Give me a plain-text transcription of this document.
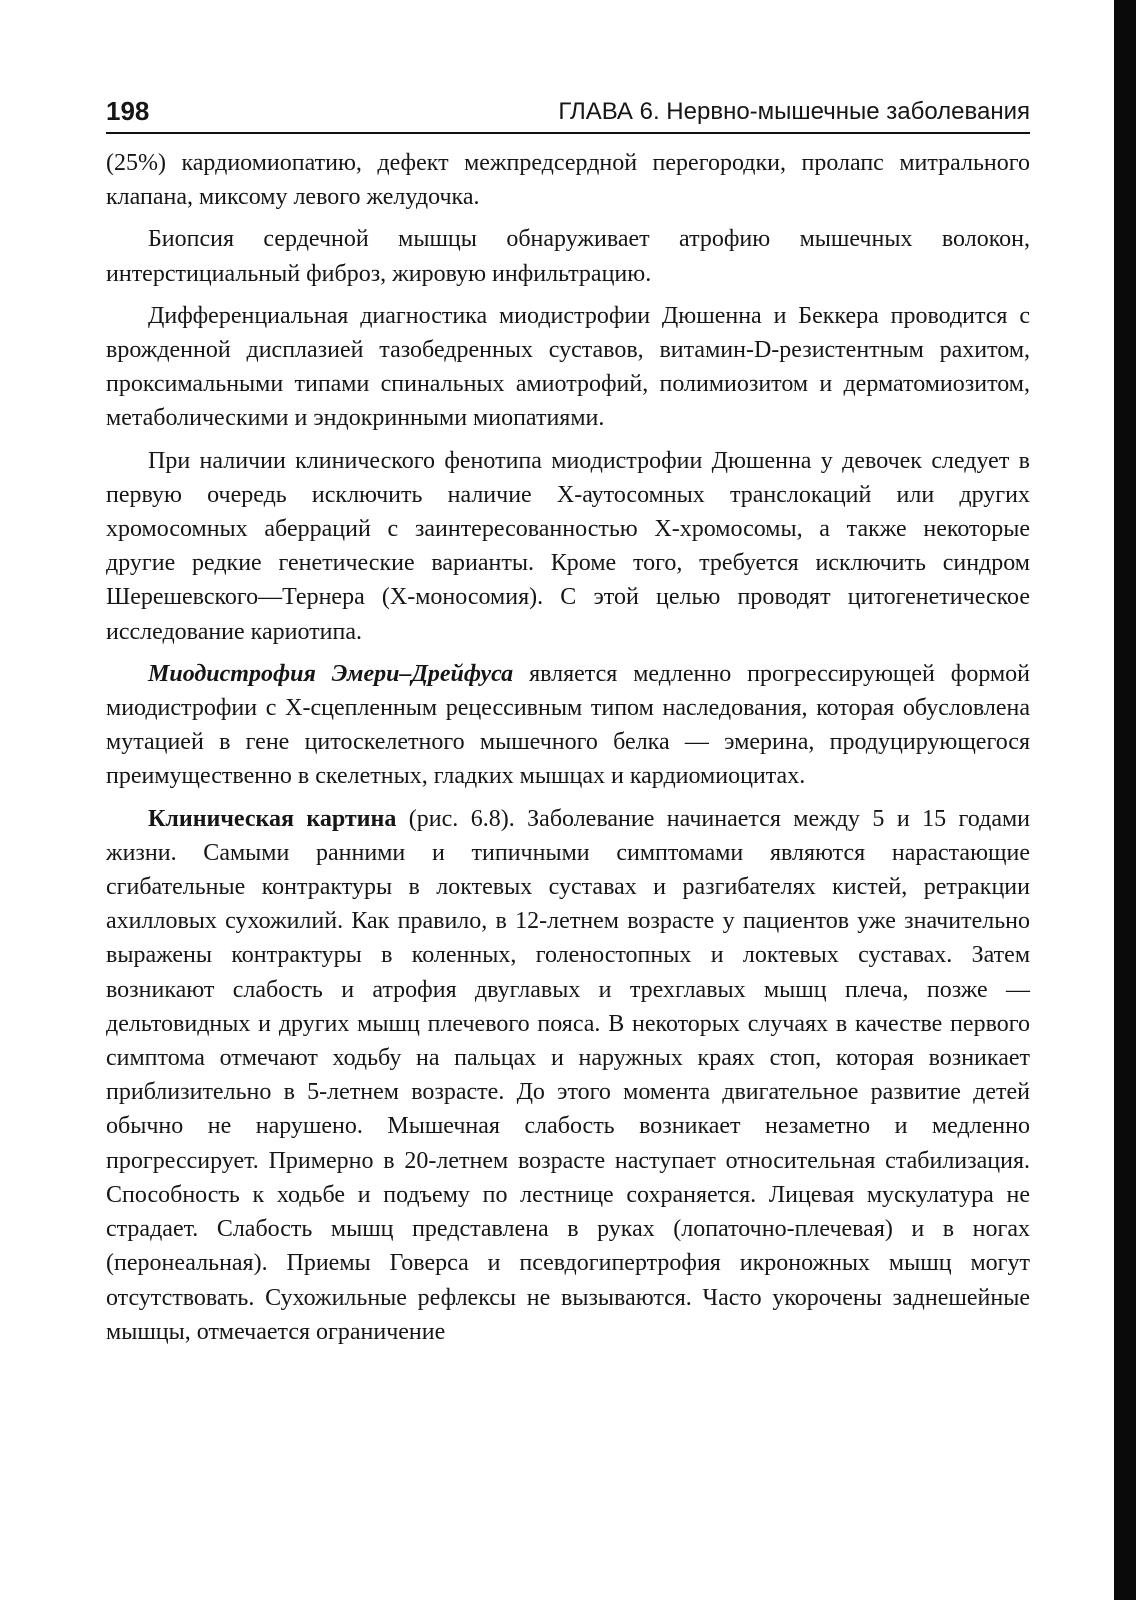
198	ГЛАВА 6. Нервно-мышечные заболевания

(25%) кардиомиопатию, дефект межпредсердной перегородки, пролапс митрального клапана, миксому левого желудочка.

Биопсия сердечной мышцы обнаруживает атрофию мышечных волокон, интерстициальный фиброз, жировую инфильтрацию.

Дифференциальная диагностика миодистрофии Дюшенна и Беккера проводится с врожденной дисплазией тазобедренных суставов, витамин-D-резистентным рахитом, проксимальными типами спинальных амиотрофий, полимиозитом и дерматомиозитом, метаболическими и эндокринными миопатиями.

При наличии клинического фенотипа миодистрофии Дюшенна у девочек следует в первую очередь исключить наличие Х-аутосомных транслокаций или других хромосомных аберраций с заинтересованностью Х-хромосомы, а также некоторые другие редкие генетические варианты. Кроме того, требуется исключить синдром Шерешевского—Тернера (Х-моносомия). С этой целью проводят цитогенетическое исследование кариотипа.

Миодистрофия Эмери–Дрейфуса является медленно прогрессирующей формой миодистрофии с Х-сцепленным рецессивным типом наследования, которая обусловлена мутацией в гене цитоскелетного мышечного белка — эмерина, продуцирующегося преимущественно в скелетных, гладких мышцах и кардиомиоцитах.

Клиническая картина (рис. 6.8). Заболевание начинается между 5 и 15 годами жизни. Самыми ранними и типичными симптомами являются нарастающие сгибательные контрактуры в локтевых суставах и разгибателях кистей, ретракции ахилловых сухожилий. Как правило, в 12-летнем возрасте у пациентов уже значительно выражены контрактуры в коленных, голеностопных и локтевых суставах. Затем возникают слабость и атрофия двуглавых и трехглавых мышц плеча, позже — дельтовидных и других мышц плечевого пояса. В некоторых случаях в качестве первого симптома отмечают ходьбу на пальцах и наружных краях стоп, которая возникает приблизительно в 5-летнем возрасте. До этого момента двигательное развитие детей обычно не нарушено. Мышечная слабость возникает незаметно и медленно прогрессирует. Примерно в 20-летнем возрасте наступает относительная стабилизация. Способность к ходьбе и подъему по лестнице сохраняется. Лицевая мускулатура не страдает. Слабость мышц представлена в руках (лопаточно-плечевая) и в ногах (перонеальная). Приемы Говерса и псевдогипертрофия икроножных мышц могут отсутствовать. Сухожильные рефлексы не вызываются. Часто укорочены заднешейные мышцы, отмечается ограничение
